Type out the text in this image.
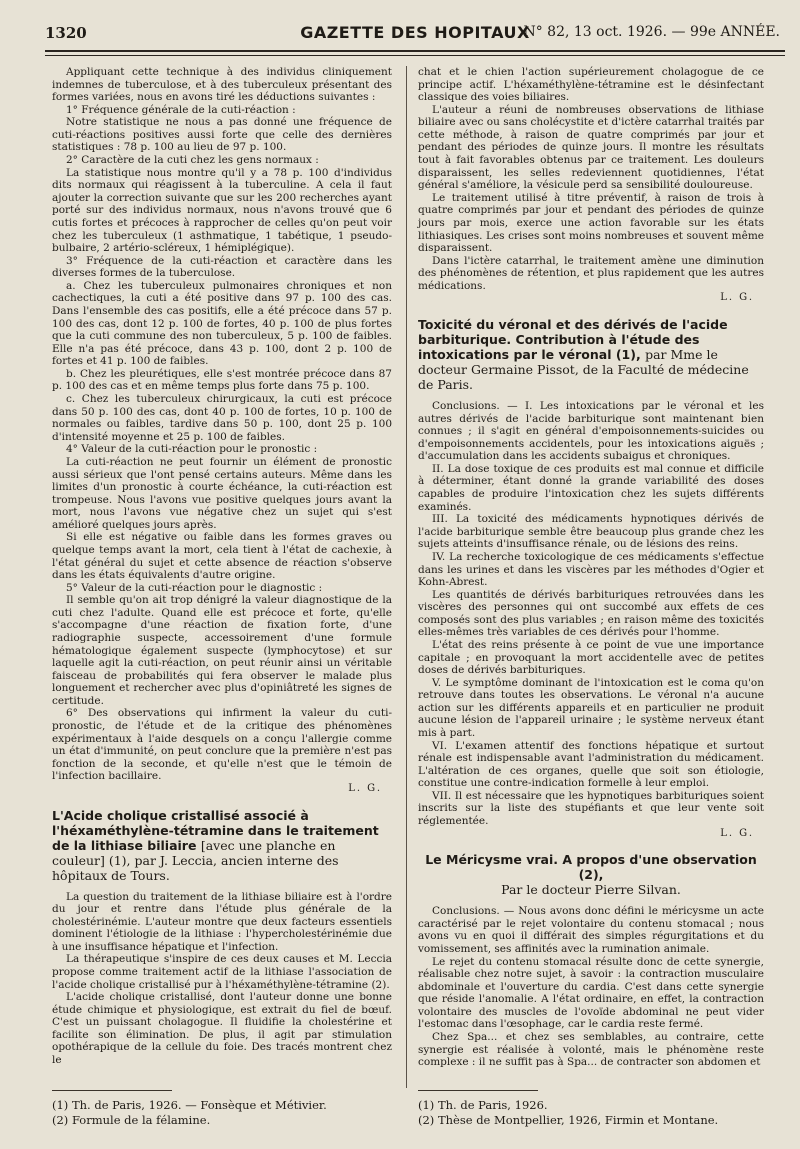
1320	GAZETTE DES HOPITAUX
N° 82, 13 oct. 1926. — 99e ANNÉE.

Appliquant cette technique à des individus cliniquement indemnes de tuberculose, et à des tuberculeux présentant des formes variées, nous en avons tiré les déductions suivantes :

1° Fréquence générale de la cuti-réaction :

Notre statistique ne nous a pas donné une fréquence de cuti-réactions positives aussi forte que celle des dernières statistiques : 78 p. 100 au lieu de 97 p. 100.

2° Caractère de la cuti chez les gens normaux :

La statistique nous montre qu'il y a 78 p. 100 d'individus dits normaux qui réagissent à la tuberculine. A cela il faut ajouter la correction suivante que sur les 200 recherches ayant porté sur des individus normaux, nous n'avons trouvé que 6 cutis fortes et précoces à rapprocher de celles qu'on peut voir chez les tuberculeux (1 asthmatique, 1 tabétique, 1 pseudo-bulbaire, 2 artério-scléreux, 1 hémiplégique).

3° Fréquence de la cuti-réaction et caractère dans les diverses formes de la tuberculose.

a. Chez les tuberculeux pulmonaires chroniques et non cachectiques, la cuti a été positive dans 97 p. 100 des cas. Dans l'ensemble des cas positifs, elle a été précoce dans 57 p. 100 des cas, dont 12 p. 100 de fortes, 40 p. 100 de plus fortes que la cuti commune des non tuberculeux, 5 p. 100 de faibles. Elle n'a pas été précoce, dans 43 p. 100, dont 2 p. 100 de fortes et 41 p. 100 de faibles.

b. Chez les pleurétiques, elle s'est montrée précoce dans 87 p. 100 des cas et en même temps plus forte dans 75 p. 100.

c. Chez les tuberculeux chirurgicaux, la cuti est précoce dans 50 p. 100 des cas, dont 40 p. 100 de fortes, 10 p. 100 de normales ou faibles, tardive dans 50 p. 100, dont 25 p. 100 d'intensité moyenne et 25 p. 100 de faibles.

4° Valeur de la cuti-réaction pour le pronostic :

La cuti-réaction ne peut fournir un élément de pronostic aussi sérieux que l'ont pensé certains auteurs. Même dans les limites d'un pronostic à courte échéance, la cuti-réaction est trompeuse. Nous l'avons vue positive quelques jours avant la mort, nous l'avons vue négative chez un sujet qui s'est amélioré quelques jours après.

Si elle est négative ou faible dans les formes graves ou quelque temps avant la mort, cela tient à l'état de cachexie, à l'état général du sujet et cette absence de réaction s'observe dans les états équivalents d'autre origine.

5° Valeur de la cuti-réaction pour le diagnostic :

Il semble qu'on ait trop dénigré la valeur diagnostique de la cuti chez l'adulte. Quand elle est précoce et forte, qu'elle s'accompagne d'une réaction de fixation forte, d'une radiographie suspecte, accessoirement d'une formule hématologique également suspecte (lymphocytose) et sur laquelle agit la cuti-réaction, on peut réunir ainsi un véritable faisceau de probabilités qui fera observer le malade plus longuement et rechercher avec plus d'opiniâtreté les signes de certitude.

6° Des observations qui infirment la valeur du cuti-pronostic, de l'étude et de la critique des phénomènes expérimentaux à l'aide desquels on a conçu l'allergie comme un état d'immunité, on peut conclure que la première n'est pas fonction de la seconde, et qu'elle n'est que le témoin de l'infection bacillaire.

L. G.

L'Acide cholique cristallisé associé à l'héxaméthylène-tétramine dans le traitement de la lithiase biliaire [avec une planche en couleur] (1), par J. Leccia, ancien interne des hôpitaux de Tours.

La question du traitement de la lithiase biliaire est à l'ordre du jour et rentre dans l'étude plus générale de la cholestérinémie. L'auteur montre que deux facteurs essentiels dominent l'étiologie de la lithiase : l'hypercholestérinémie due à une insuffisance hépatique et l'infection.

La thérapeutique s'inspire de ces deux causes et M. Leccia propose comme traitement actif de la lithiase l'association de l'acide cholique cristallisé pur à l'héxaméthylène-tétramine (2).

L'acide cholique cristallisé, dont l'auteur donne une bonne étude chimique et physiologique, est extrait du fiel de bœuf. C'est un puissant cholagogue. Il fluidifie la cholestérine et facilite son élimination. De plus, il agit par stimulation opothérapique de la cellule du foie. Des tracés montrent chez le

chat et le chien l'action supérieurement cholagogue de ce principe actif. L'héxaméthylène-tétramine est le désinfectant classique des voies biliaires.

L'auteur a réuni de nombreuses observations de lithiase biliaire avec ou sans cholécystite et d'ictère catarrhal traités par cette méthode, à raison de quatre comprimés par jour et pendant des périodes de quinze jours. Il montre les résultats tout à fait favorables obtenus par ce traitement. Les douleurs disparaissent, les selles redeviennent quotidiennes, l'état général s'améliore, la vésicule perd sa sensibilité douloureuse.

Le traitement utilisé à titre préventif, à raison de trois à quatre comprimés par jour et pendant des périodes de quinze jours par mois, exerce une action favorable sur les états lithiasiques. Les crises sont moins nombreuses et souvent même disparaissent.

Dans l'ictère catarrhal, le traitement amène une diminution des phénomènes de rétention, et plus rapidement que les autres médications.

L. G.

Toxicité du véronal et des dérivés de l'acide barbiturique. Contribution à l'étude des intoxications par le véronal (1), par Mme le docteur Germaine Pissot, de la Faculté de médecine de Paris.

Conclusions. — I. Les intoxications par le véronal et les autres dérivés de l'acide barbiturique sont maintenant bien connues ; il s'agit en général d'empoisonnements-suicides ou d'empoisonnements accidentels, pour les intoxications aiguës ; d'accumulation dans les accidents subaigus et chroniques.

II. La dose toxique de ces produits est mal connue et difficile à déterminer, étant donné la grande variabilité des doses capables de produire l'intoxication chez les sujets différents examinés.

III. La toxicité des médicaments hypnotiques dérivés de l'acide barbiturique semble être beaucoup plus grande chez les sujets atteints d'insuffisance rénale, ou de lésions des reins.

IV. La recherche toxicologique de ces médicaments s'effectue dans les urines et dans les viscères par les méthodes d'Ogier et Kohn-Abrest.

Les quantités de dérivés barbituriques retrouvées dans les viscères des personnes qui ont succombé aux effets de ces composés sont des plus variables ; en raison même des toxicités elles-mêmes très variables de ces dérivés pour l'homme.

L'état des reins présente à ce point de vue une importance capitale ; en provoquant la mort accidentelle avec de petites doses de dérivés barbituriques.

V. Le symptôme dominant de l'intoxication est le coma qu'on retrouve dans toutes les observations. Le véronal n'a aucune action sur les différents appareils et en particulier ne produit aucune lésion de l'appareil urinaire ; le système nerveux étant mis à part.

VI. L'examen attentif des fonctions hépatique et surtout rénale est indispensable avant l'administration du médicament. L'altération de ces organes, quelle que soit son étiologie, constitue une contre-indication formelle à leur emploi.

VII. Il est nécessaire que les hypnotiques barbituriques soient inscrits sur la liste des stupéfiants et que leur vente soit réglementée.

L. G.

Le Méricysme vrai. A propos d'une observation (2),
Par le docteur Pierre Silvan.

Conclusions. — Nous avons donc défini le méricysme un acte caractérisé par le rejet volontaire du contenu stomacal ; nous avons vu en quoi il différait des simples régurgitations et du vomissement, ses affinités avec la rumination animale.

Le rejet du contenu stomacal résulte donc de cette synergie, réalisable chez notre sujet, à savoir : la contraction musculaire abdominale et l'ouverture du cardia. C'est dans cette synergie que réside l'anomalie. A l'état ordinaire, en effet, la contraction volontaire des muscles de l'ovoïde abdominal ne peut vider l'estomac dans l'œsophage, car le cardia reste fermé.

Chez Spa... et chez ses semblables, au contraire, cette synergie est réalisée à volonté, mais le phénomène reste complexe : il ne suffit pas à Spa... de contracter son abdomen et

(1) Th. de Paris, 1926. — Fonsèque et Métivier.

(2) Formule de la félamine.

(1) Th. de Paris, 1926.

(2) Thèse de Montpellier, 1926, Firmin et Montane.
